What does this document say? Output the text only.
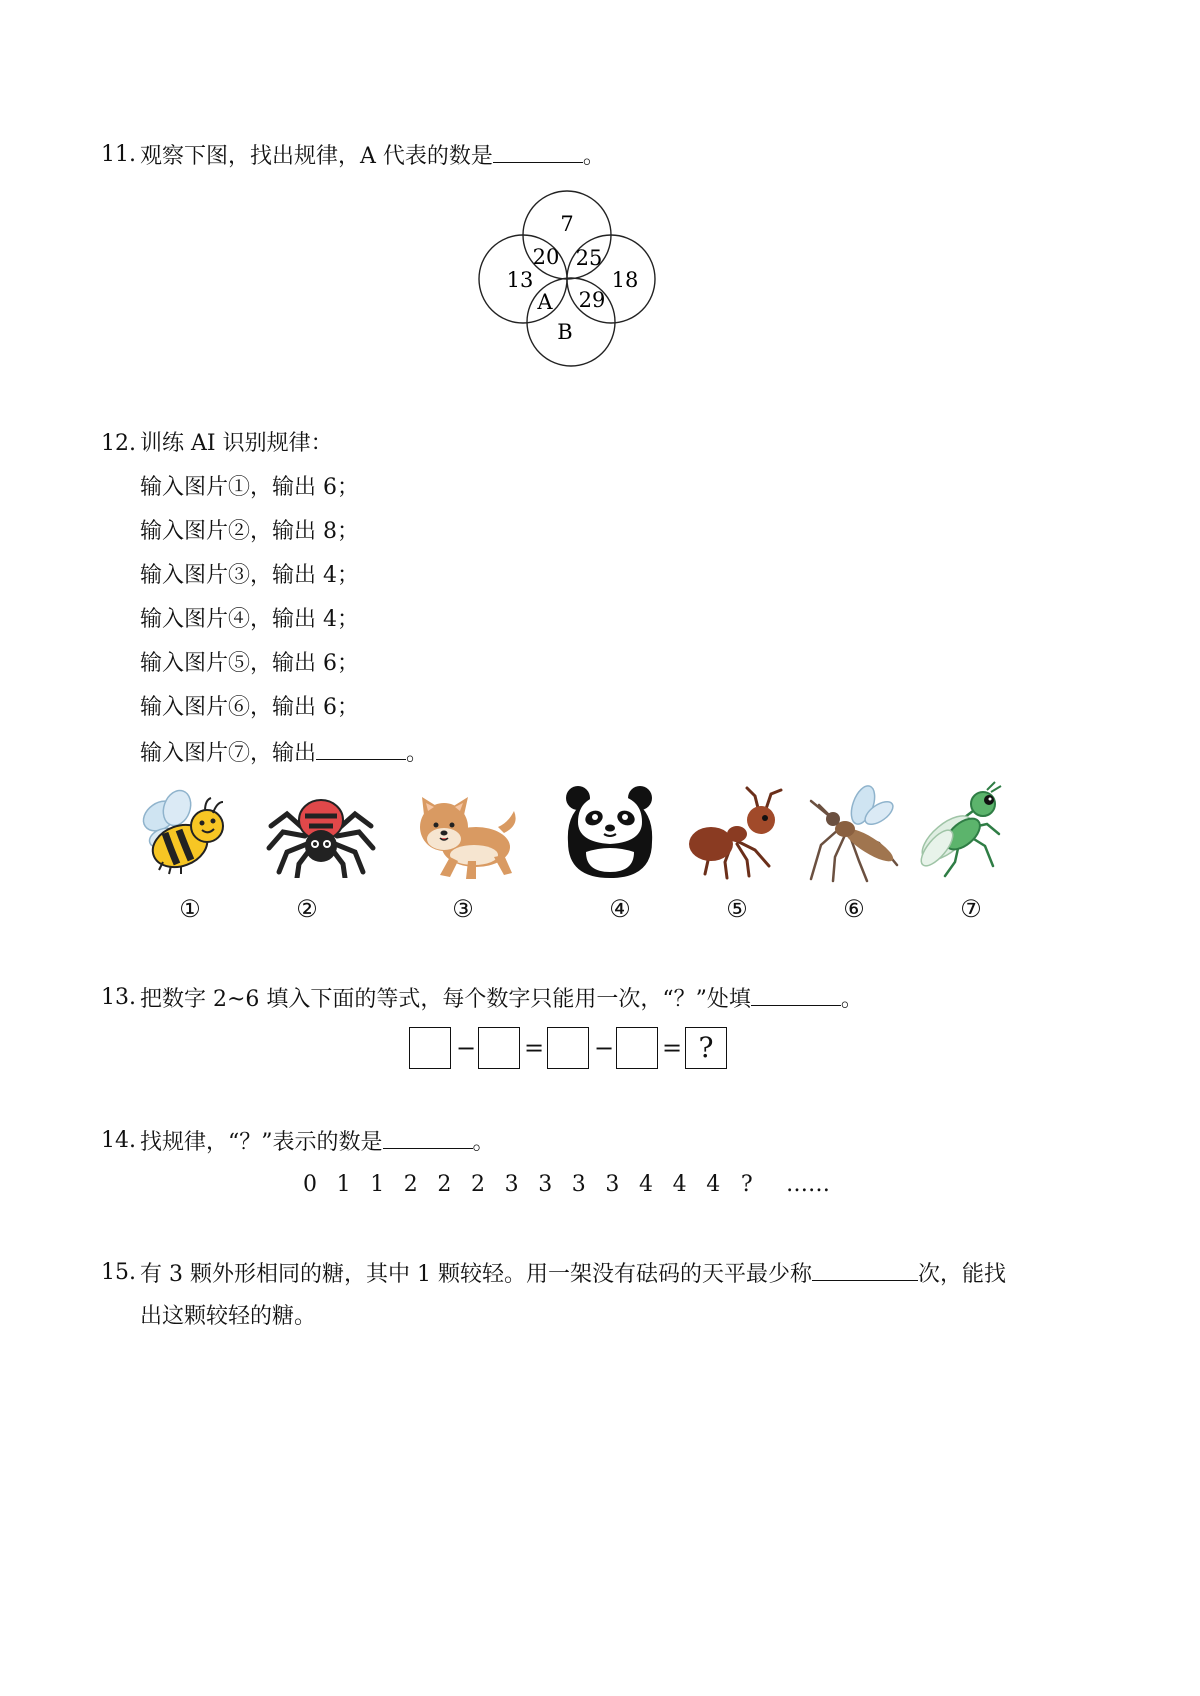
11. 观察下图，找出规律，A 代表的数是	。
7
13	18
B
20 25
A 29
12. 训练 AI 识别规律：
输入图片①，输出 6；
输入图片②，输出 8；
输入图片③，输出 4；
输入图片④，输出 4；
输入图片⑤，输出 6；
输入图片⑥，输出 6；
输入图片⑦，输出	。
①	②	③	④	⑤	⑥	⑦
13. 把数字 2~6 填入下面的等式，每个数字只能用一次，“？”处填	。
− = − = ?
14. 找规律，“？”表示的数是	。
0 1 1 2 2 2 3 3 3 3 4 4 4 ? ……
15. 有 3 颗外形相同的糖，其中 1 颗较轻。用一架没有砝码的天平最少称	次，能找
出这颗较轻的糖。
